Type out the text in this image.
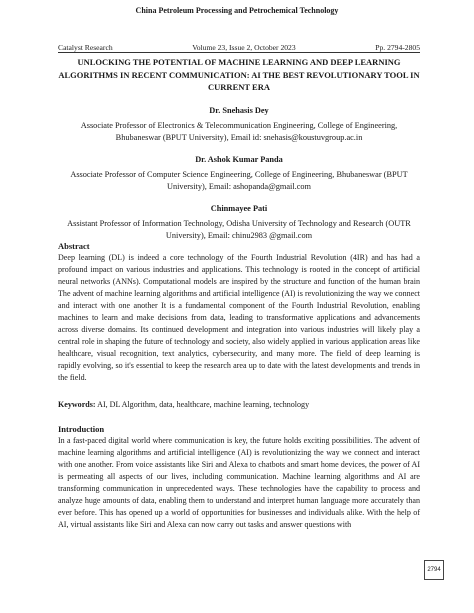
China Petroleum Processing and Petrochemical Technology
Catalyst Research	Volume 23, Issue 2, October 2023	Pp. 2794-2805
UNLOCKING THE POTENTIAL OF MACHINE LEARNING AND DEEP LEARNING ALGORITHMS IN RECENT COMMUNICATION: AI THE BEST REVOLUTIONARY TOOL IN CURRENT ERA
Dr. Snehasis Dey
Associate Professor of Electronics & Telecommunication Engineering, College of Engineering, Bhubaneswar (BPUT University), Email id: snehasis@koustuvgroup.ac.in
Dr. Ashok Kumar Panda
Associate Professor of Computer Science Engineering, College of Engineering, Bhubaneswar (BPUT University), Email: ashopanda@gmail.com
Chinmayee Pati
Assistant Professor of Information Technology, Odisha University of Technology and Research (OUTR University), Email: chinu2983 @gmail.com
Abstract

Deep learning (DL) is indeed a core technology of the Fourth Industrial Revolution (4IR) and has had a profound impact on various industries and applications. This technology is rooted in the concept of artificial neural networks (ANNs). Computational models are inspired by the structure and function of the human brain The advent of machine learning algorithms and artificial intelligence (AI) is revolutionizing the way we connect and interact with one another It is a fundamental component of the Fourth Industrial Revolution, enabling machines to learn and make decisions from data, leading to transformative applications and advancements across diverse domains. Its continued development and integration into various industries will likely play a central role in shaping the future of technology and society, also widely applied in various application areas like healthcare, visual recognition, text analytics, cybersecurity, and many more. The field of deep learning is rapidly evolving, so it's essential to keep the research area up to date with the latest developments and trends in the field.

Keywords: AI, DL Algorithm, data, healthcare, machine learning, technology
Introduction

In a fast-paced digital world where communication is key, the future holds exciting possibilities. The advent of machine learning algorithms and artificial intelligence (AI) is revolutionizing the way we connect and interact with one another. From voice assistants like Siri and Alexa to chatbots and smart home devices, the power of AI is permeating all aspects of our lives, including communication. Machine learning algorithms and AI are transforming communication in unprecedented ways. These technologies have the capability to process and analyze huge amounts of data, enabling them to understand and interpret human language more accurately than ever before. This has opened up a world of opportunities for businesses and individuals alike. With the help of AI, virtual assistants like Siri and Alexa can now carry out tasks and answer questions with

2794
